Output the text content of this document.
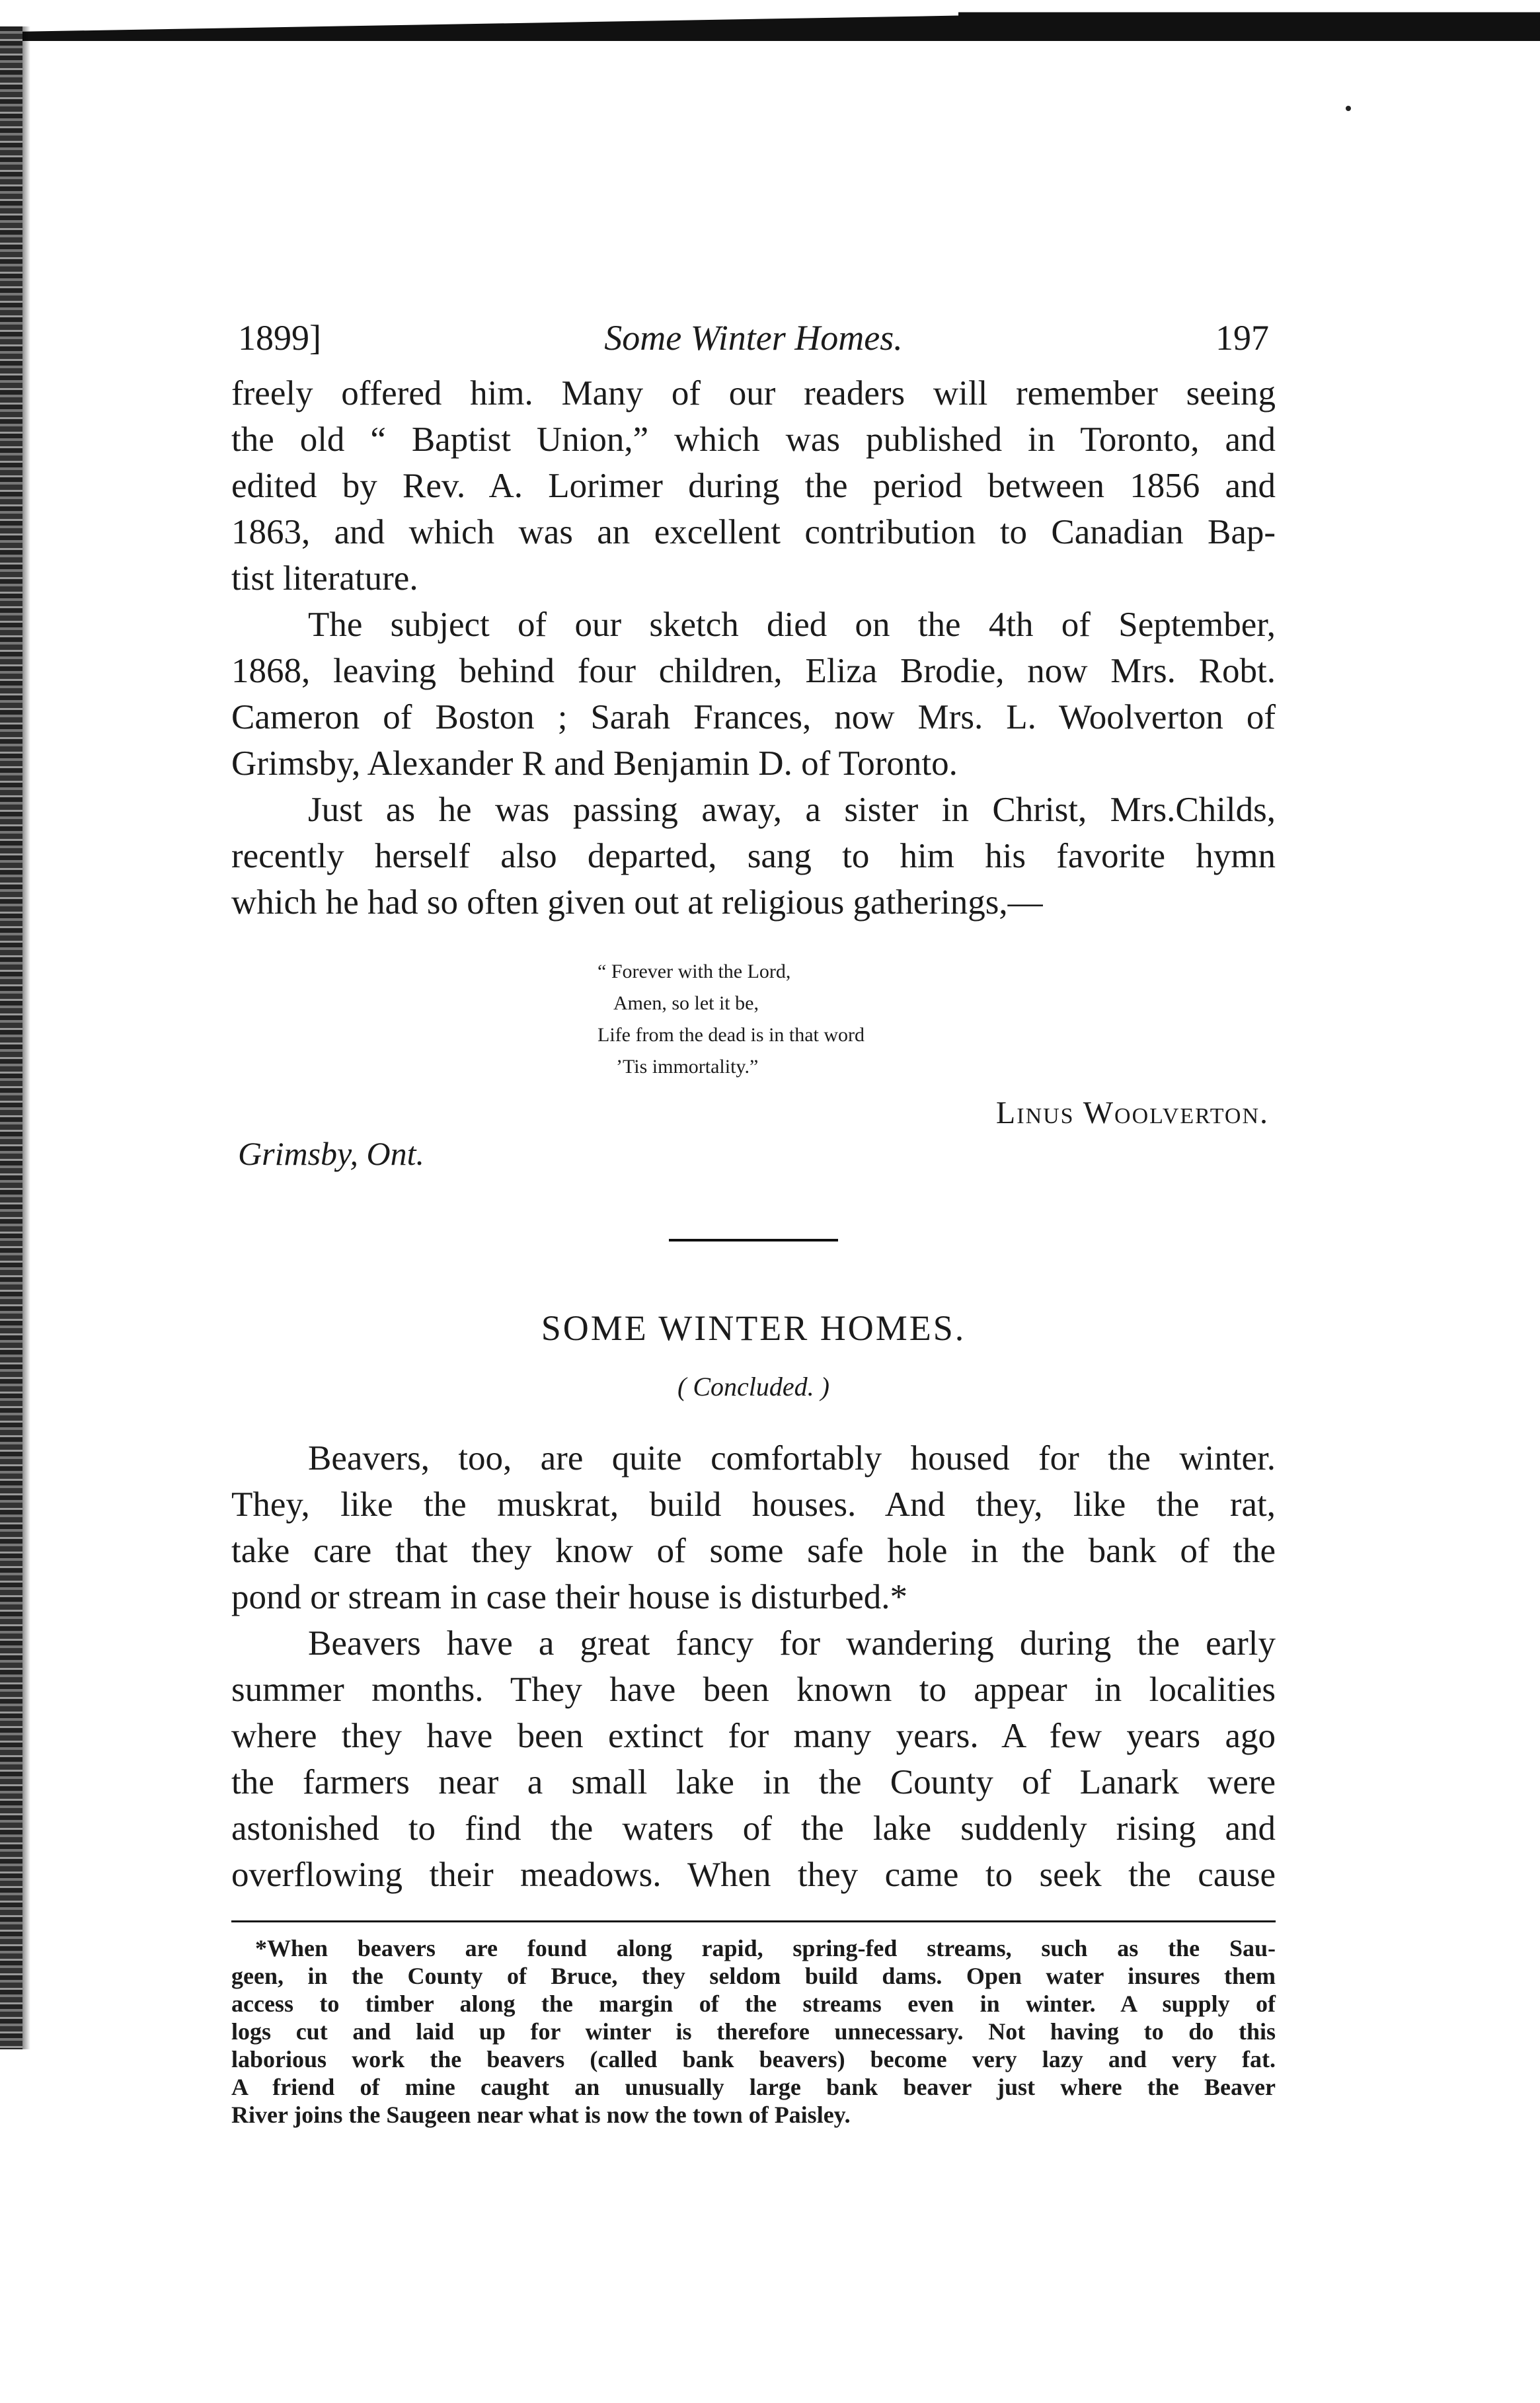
1899]	Some Winter Homes.	197

freely offered him. Many of our readers will remember seeing
the old “ Baptist Union,” which was published in Toronto, and
edited by Rev. A. Lorimer during the period between 1856 and
1863, and which was an excellent contribution to Canadian Bap-
tist literature.

The subject of our sketch died on the 4th of September,
1868, leaving behind four children, Eliza Brodie, now Mrs. Robt.
Cameron of Boston ; Sarah Frances, now Mrs. L. Woolverton of
Grimsby, Alexander R and Benjamin D. of Toronto.

Just as he was passing away, a sister in Christ, Mrs.Childs,
recently herself also departed, sang to him his favorite hymn
which he had so often given out at religious gatherings,—

“ Forever with the Lord,
Amen, so let it be,
Life from the dead is in that word
’Tis immortality.”
Linus Woolverton.
Grimsby, Ont.
SOME WINTER HOMES.
( Concluded. )

Beavers, too, are quite comfortably housed for the winter.
They, like the muskrat, build houses. And they, like the rat,
take care that they know of some safe hole in the bank of the
pond or stream in case their house is disturbed.*

Beavers have a great fancy for wandering during the early
summer months. They have been known to appear in localities
where they have been extinct for many years. A few years ago
the farmers near a small lake in the County of Lanark were
astonished to find the waters of the lake suddenly rising and
overflowing their meadows. When they came to seek the cause

*When beavers are found along rapid, spring-fed streams, such as the Sau-
geen, in the County of Bruce, they seldom build dams. Open water insures them
access to timber along the margin of the streams even in winter. A supply of
logs cut and laid up for winter is therefore unnecessary. Not having to do this
laborious work the beavers (called bank beavers) become very lazy and very fat.
A friend of mine caught an unusually large bank beaver just where the Beaver
River joins the Saugeen near what is now the town of Paisley.
